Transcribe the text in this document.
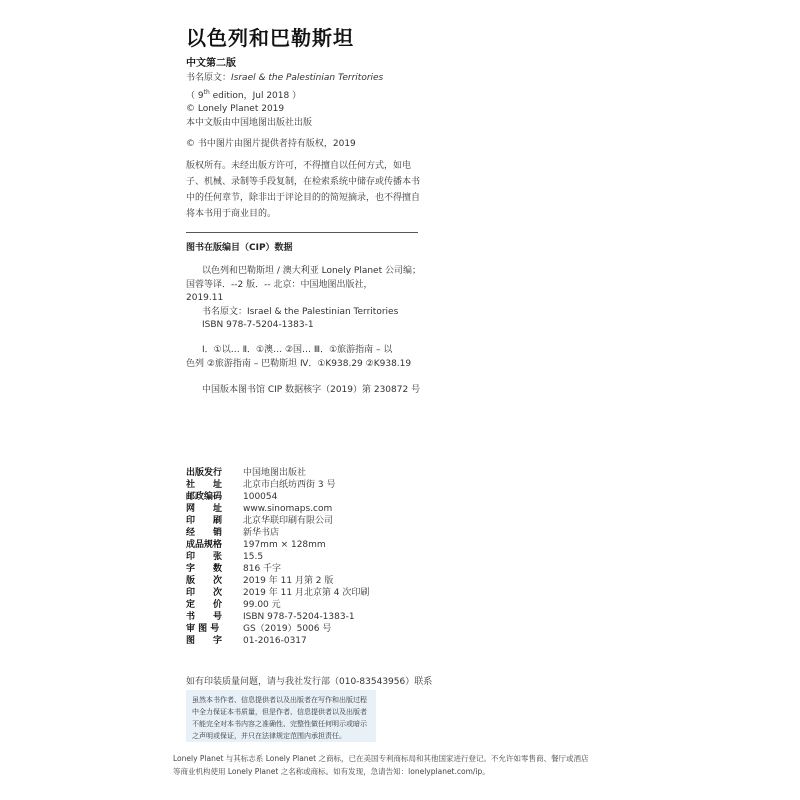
以色列和巴勒斯坦
中文第二版
书名原文：Israel & the Palestinian Territories
（ 9th edition，Jul 2018 ）
© Lonely Planet 2019
本中文版由中国地图出版社出版
© 书中图片由图片提供者持有版权，2019
版权所有。未经出版方许可，不得擅自以任何方式，如电子、机械、录制等手段复制，在检索系统中储存或传播本书中的任何章节，除非出于评论目的的简短摘录，也不得擅自将本书用于商业目的。
图书在版编目（CIP）数据
以色列和巴勒斯坦 / 澳大利亚 Lonely Planet 公司编；
国蓉等译．--2 版．-- 北京：中国地图出版社，
2019.11
书名原文：Israel & the Palestinian Territories
ISBN 978-7-5204-1383-1
Ⅰ．①以… Ⅱ．①澳… ②国… Ⅲ．①旅游指南 – 以
色列 ②旅游指南 – 巴勒斯坦 Ⅳ．①K938.29 ②K938.19
中国版本图书馆 CIP 数据核字（2019）第 230872 号
出版发行	中国地图出版社
社　　址	北京市白纸坊西街 3 号
邮政编码	100054
网　　址	www.sinomaps.com
印　　刷	北京华联印刷有限公司
经　　销	新华书店
成品规格	197mm × 128mm
印　　张	15.5
字　　数	816 千字
版　　次	2019 年 11 月第 2 版
印　　次	2019 年 11 月北京第 4 次印刷
定　　价	99.00 元
书　　号	ISBN 978-7-5204-1383-1
审 图 号	GS（2019）5006 号
图　　字	01-2016-0317
如有印装质量问题，请与我社发行部（010-83543956）联系
虽然本书作者、信息提供者以及出版者在写作和出版过程中全力保证本书质量，但是作者、信息提供者以及出版者不能完全对本书内容之准确性、完整性做任何明示或暗示之声明或保证，并只在法律规定范围内承担责任。
Lonely Planet 与其标志系 Lonely Planet 之商标，已在美国专利商标局和其他国家进行登记。不允许如零售商、餐厅或酒店等商业机构使用 Lonely Planet 之名称或商标。如有发现，急请告知：lonelyplanet.com/ip。
